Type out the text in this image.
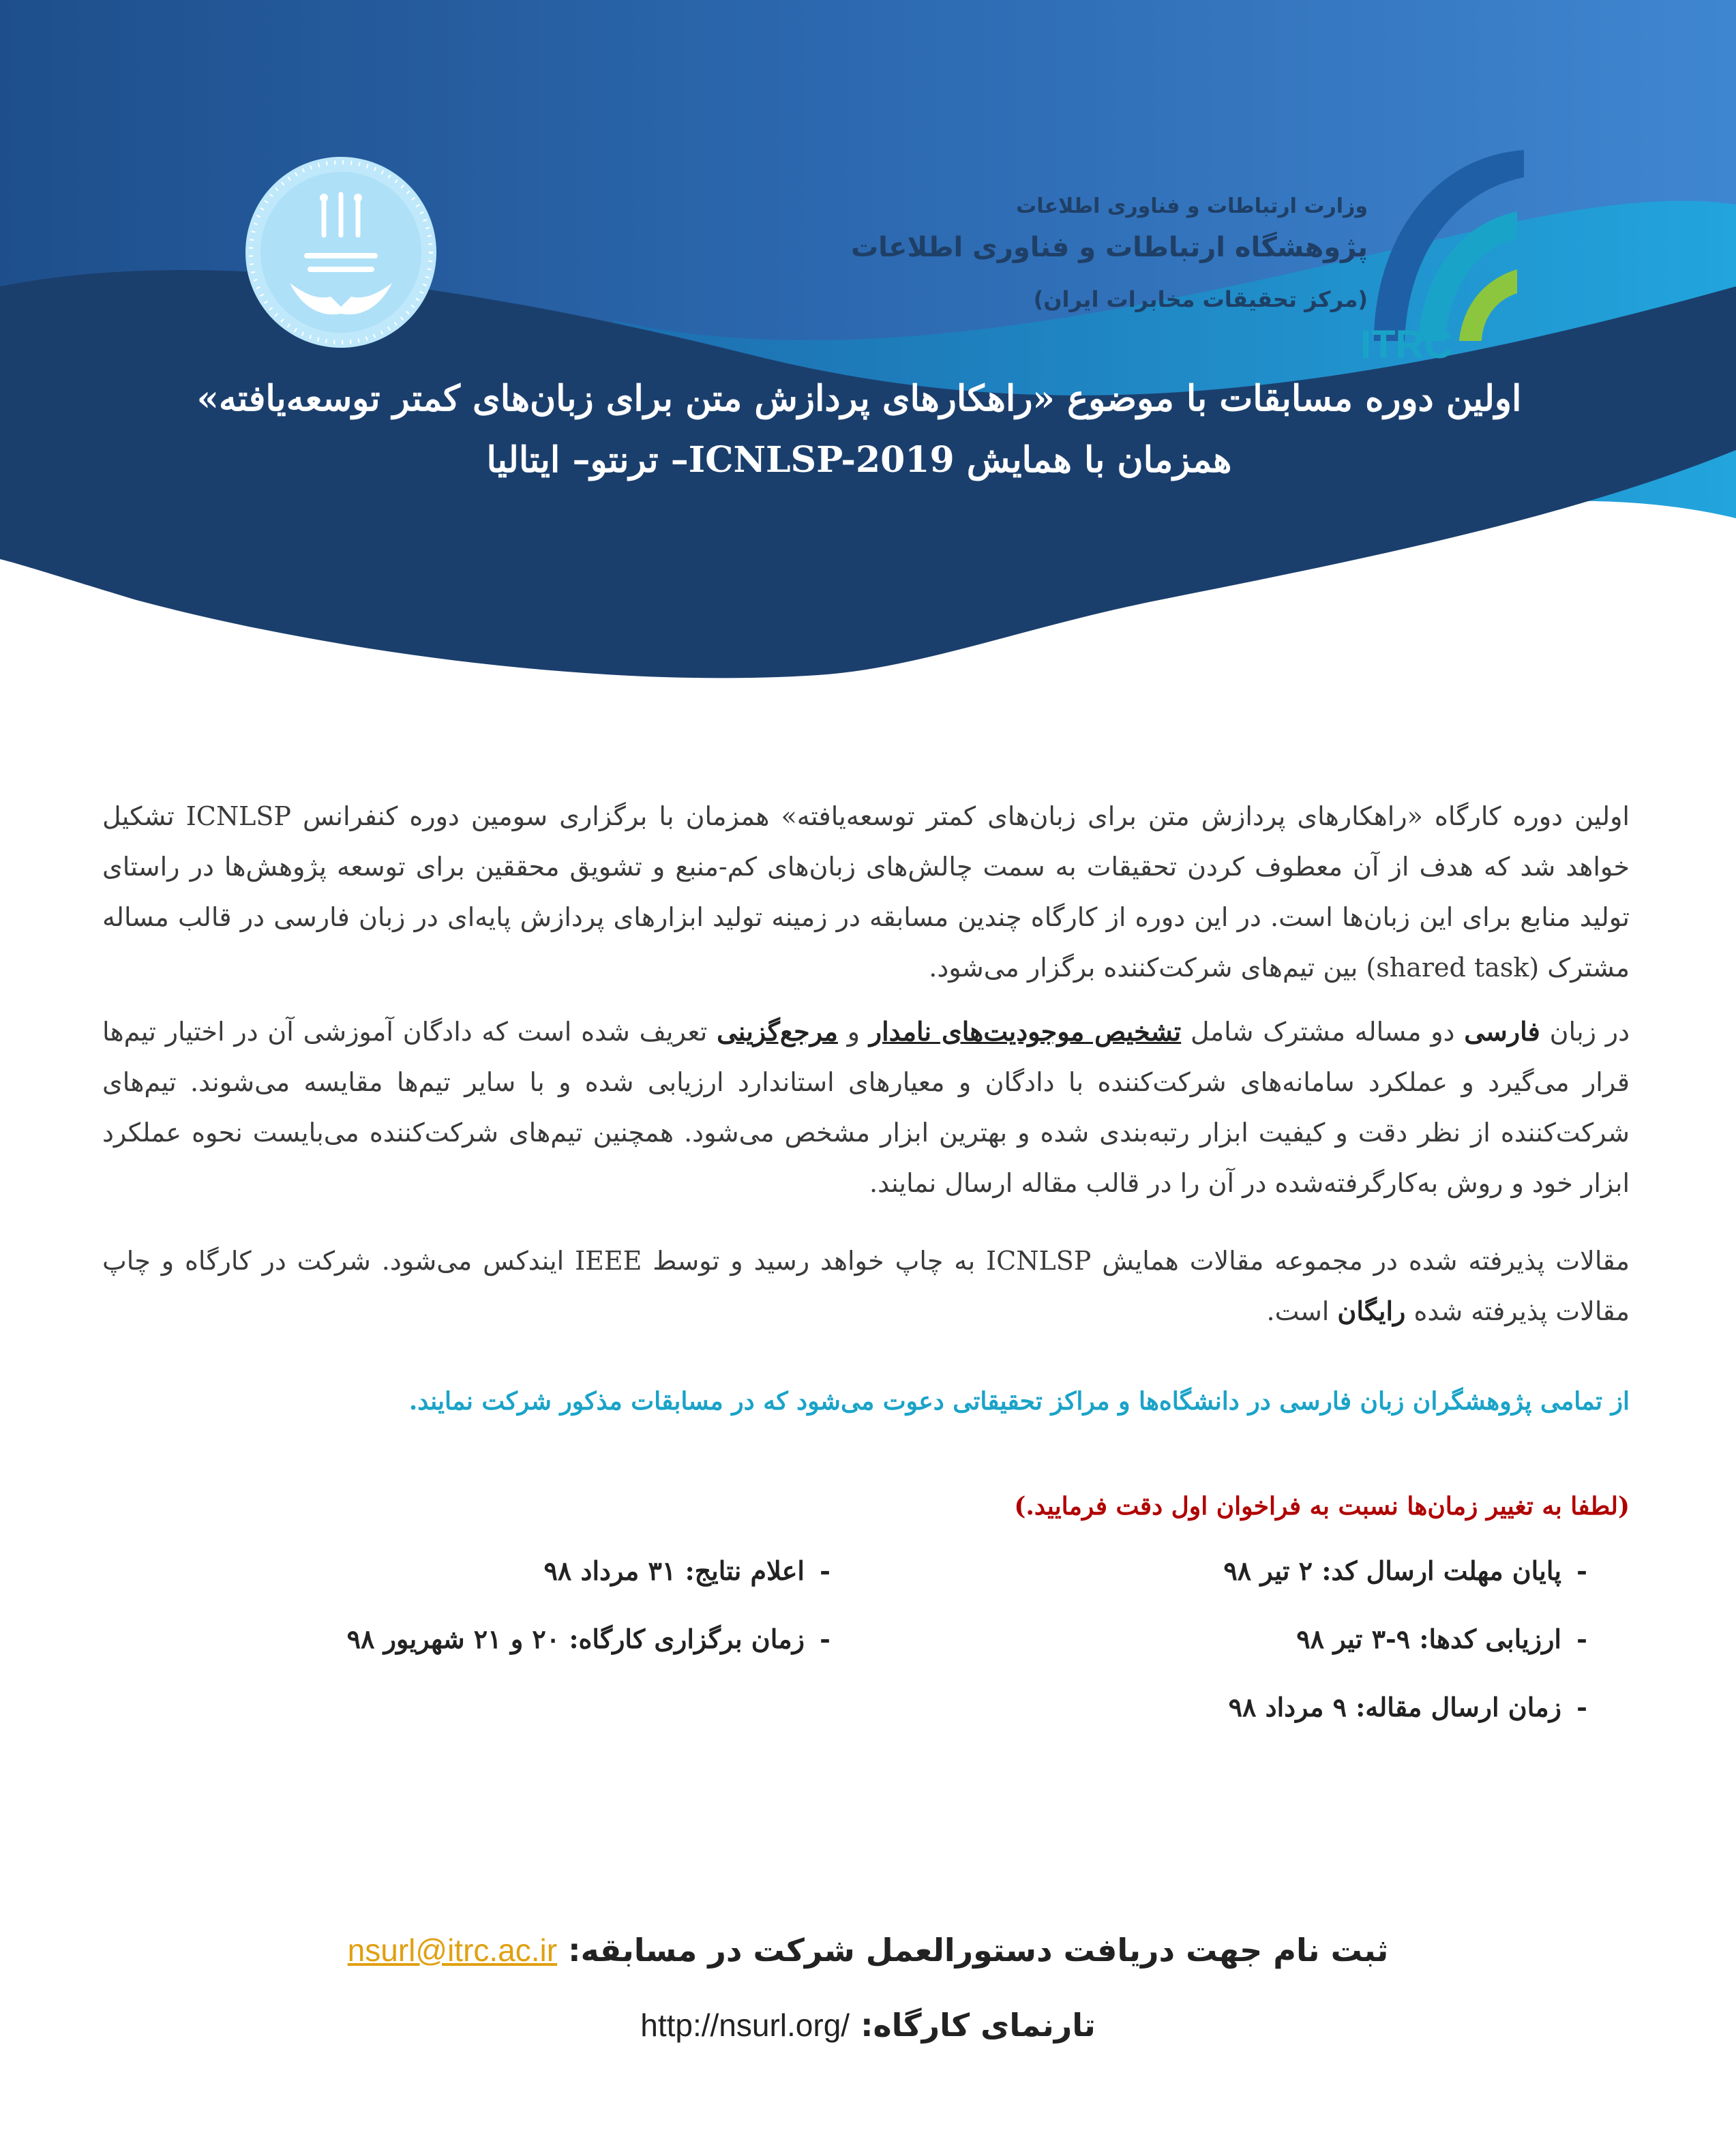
وزارت ارتباطات و فناوری اطلاعات

پژوهشگاه ارتباطات و فناوری اطلاعات

(مرکز تحقیقات مخابرات ایران)

ITRC

اولین دوره مسابقات با موضوع «راهکارهای پردازش متن برای زبان‌های کمتر توسعه‌یافته»

همزمان با همایش ICNLSP-2019– ترنتو– ایتالیا

اولین دوره کارگاه «راهکارهای پردازش متن برای زبان‌های کمتر توسعه‌یافته» همزمان با برگزاری سومین دوره کنفرانس ICNLSP تشکیل خواهد شد که هدف از آن معطوف کردن تحقیقات به سمت چالش‌های زبان‌های کم-منبع و تشویق محققین برای توسعه پژوهش‌ها در راستای تولید منابع برای این زبان‌ها است. در این دوره از کارگاه چندین مسابقه در زمینه تولید ابزارهای پردازش پایه‌ای در زبان فارسی در قالب مساله مشترک (shared task) بین تیم‌های شرکت‌کننده برگزار می‌شود.

در زبان فارسی دو مساله مشترک شامل تشخیص موجودیت‌های نامدار و مرجع‌گزینی تعریف شده است که دادگان آموزشی آن در اختیار تیم‌ها قرار می‌گیرد و عملکرد سامانه‌های شرکت‌کننده با دادگان و معیارهای استاندارد ارزیابی شده و با سایر تیم‌ها مقایسه می‌شوند. تیم‌های شرکت‌کننده از نظر دقت و کیفیت ابزار رتبه‌بندی شده و بهترین ابزار مشخص می‌شود. همچنین تیم‌های شرکت‌کننده می‌بایست نحوه عملکرد ابزار خود و روش به‌کارگرفته‌شده در آن را در قالب مقاله ارسال نمایند.

مقالات پذیرفته شده در مجموعه مقالات همایش ICNLSP به چاپ خواهد رسید و توسط IEEE ایندکس می‌شود. شرکت در کارگاه و چاپ مقالات پذیرفته شده رایگان است.

از تمامی پژوهشگران زبان فارسی در دانشگاه‌ها و مراکز تحقیقاتی دعوت می‌شود که در مسابقات مذکور شرکت نمایند.

(لطفا به تغییر زمان‌ها نسبت به فراخوان اول دقت فرمایید.)

-
پایان مهلت ارسال کد: ۲ تیر ۹۸
-
ارزیابی کدها: ۹-۳ تیر ۹۸
-
زمان ارسال مقاله: ۹ مرداد ۹۸
-
اعلام نتایج: ۳۱ مرداد ۹۸
-
زمان برگزاری کارگاه: ۲۰ و ۲۱ شهریور ۹۸
ثبت نام جهت دریافت دستورالعمل شرکت در مسابقه: nsurl@itrc.ac.ir
تارنمای کارگاه: http://nsurl.org/
